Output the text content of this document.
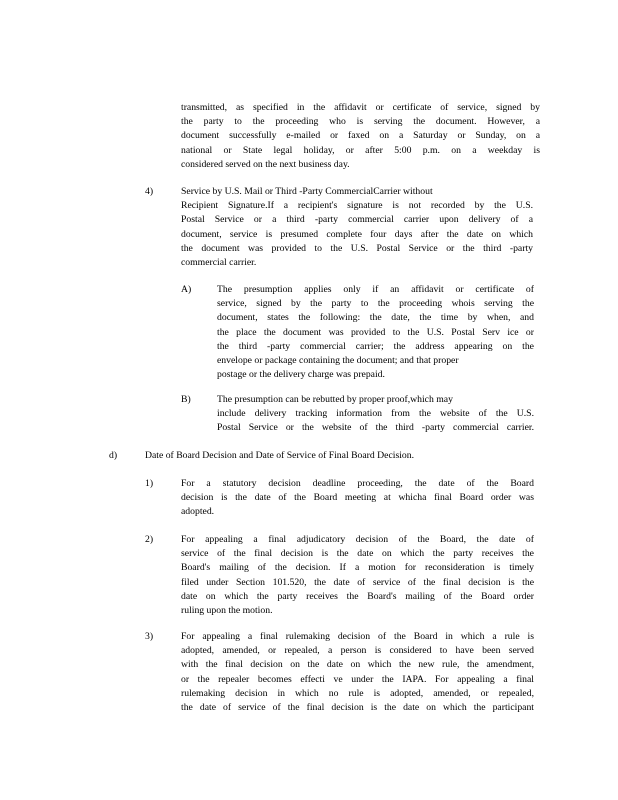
transmitted, as specified in the affidavit or certificate of service, signed by
the party to the proceeding who is serving the document. However, a
document successfully e-mailed or faxed on a Saturday or Sunday, on a
national or State legal holiday, or after 5:00 p.m. on a weekday is
considered served on the next business day.
4)	Service by U.S. Mail or Third -Party CommercialCarrier without
Recipient Signature.If a recipient's signature is not recorded by the U.S.
Postal Service or a third -party commercial carrier upon delivery of a
document, service is presumed complete four days after the date on which
the document was provided to the U.S. Postal Service or the third -party
commercial carrier.
A)	The presumption applies only if an affidavit or certificate of
service, signed by the party to the proceeding whois serving the
document, states the following: the date, the time by when, and
the place the document was provided to the U.S. Postal Serv ice or
the third -party commercial carrier; the address appearing on the
envelope or package containing the document; and that proper
postage or the delivery charge was prepaid.
B)	The presumption can be rebutted by proper proof,which may
include delivery tracking information from the website of the U.S.
Postal Service or the website of the third -party commercial carrier.
d)	Date of Board Decision and Date of Service of Final Board Decision.
1)	For a statutory decision deadline proceeding, the date of the Board
decision is the date of the Board meeting at whicha final Board order was
adopted.
2)	For appealing a final adjudicatory decision of the Board, the date of
service of the final decision is the date on which the party receives the
Board's mailing of the decision. If a motion for reconsideration is timely
filed under Section 101.520, the date of service of the final decision is the
date on which the party receives the Board's mailing of the Board order
ruling upon the motion.
3)	For appealing a final rulemaking decision of the Board in which a rule is
adopted, amended, or repealed, a person is considered to have been served
with the final decision on the date on which the new rule, the amendment,
or the repealer becomes effecti ve under the IAPA. For appealing a final
rulemaking decision in which no rule is adopted, amended, or repealed,
the date of service of the final decision is the date on which the participant
